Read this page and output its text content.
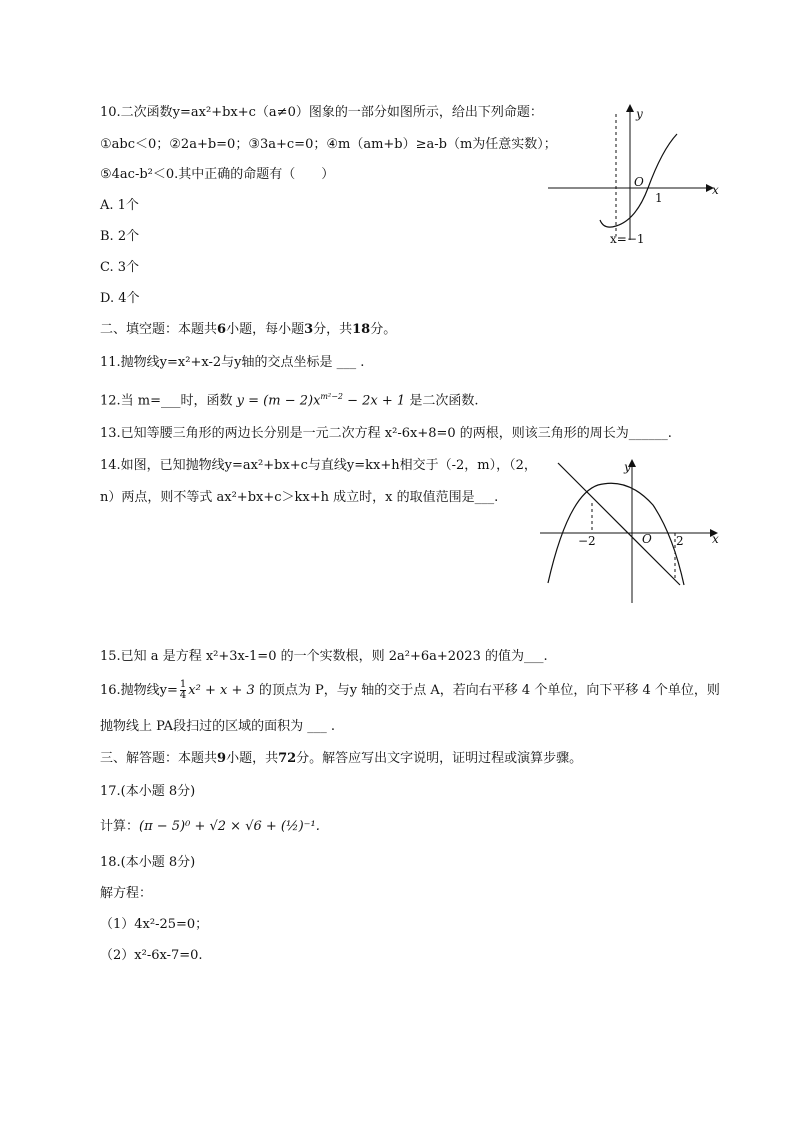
10.二次函数y=ax²+bx+c（a≠0）图象的一部分如图所示，给出下列命题：
①abc＜0；②2a+b=0；③3a+c=0；④m（am+b）≥a-b（m为任意实数）；
⑤4ac-b²＜0.其中正确的命题有（　　）
A. 1个
B. 2个
C. 3个
D. 4个
y
x
O
1
x=−1
二、填空题：本题共6小题，每小题3分，共18分。
11.抛物线y=x²+x-2与y轴的交点坐标是 ___ .
12.当 m=___时，函数 $y = (m - 2)x^{m^2-2} - 2x + 1$ 是二次函数.
13.已知等腰三角形的两边长分别是一元二次方程 x²-6x+8=0 的两根，则该三角形的周长为______.
14.如图，已知抛物线y=ax²+bx+c与直线y=kx+h相交于（-2，m），（2，
n）两点，则不等式 ax²+bx+c＞kx+h 成立时，x 的取值范围是___.
y
x
O
−2	2
15.已知 a 是方程 x²+3x-1=0 的一个实数根，则 2a²+6a+2023 的值为___.
16.抛物线$y= \frac{1}{4} x^2 + x + 3$ 的顶点为 P，与y 轴的交于点 A，若向右平移 4 个单位，向下平移 4 个单位，则
抛物线上 PA段扫过的区域的面积为 ___ .
三、解答题：本题共9小题，共72分。解答应写出文字说明，证明过程或演算步骤。
17.(本小题 8分)
计算：(π − 5)⁰ + √2 × √6 + (½)⁻¹.
18.(本小题 8分)
解方程：
（1）4x²-25=0；
（2）x²-6x-7=0.
